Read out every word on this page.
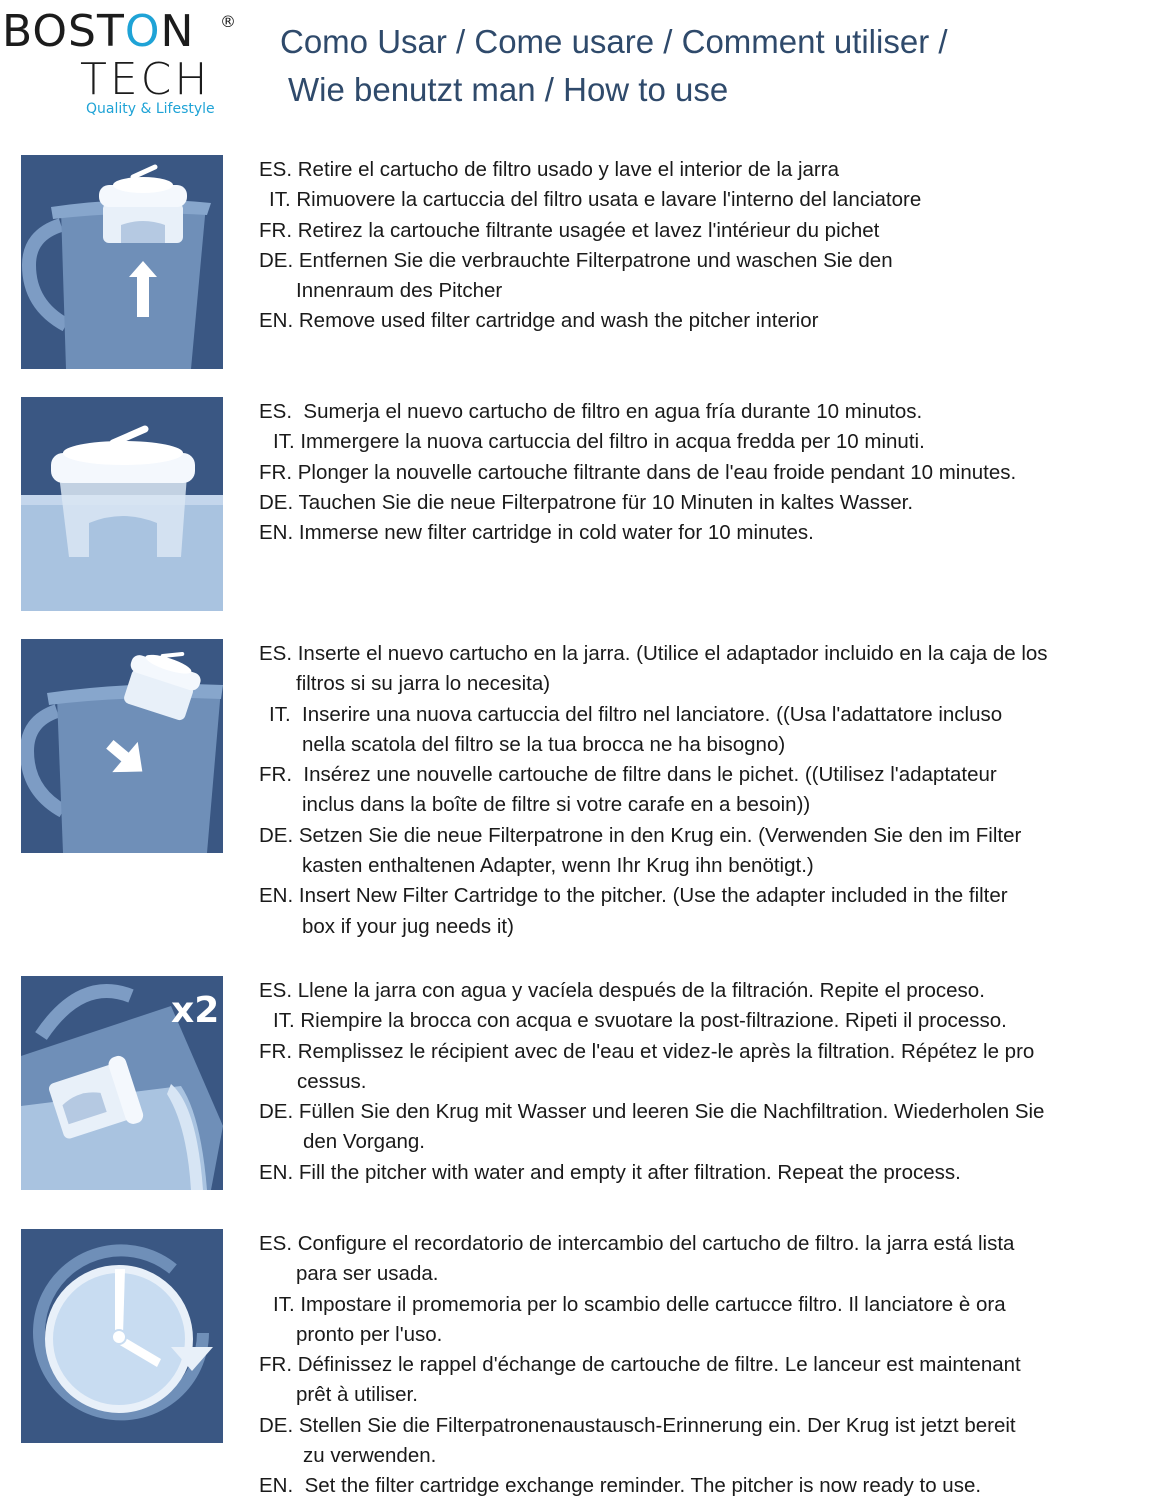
BOSTON ®
TECH
Quality & Lifestyle
Como Usar / Come usare / Comment utiliser /

Wie benutzt man / How to use
ES. Retire el cartucho de filtro usado y lave el interior de la jarra
IT. Rimuovere la cartuccia del filtro usata e lavare l'interno del lanciatore
FR. Retirez la cartouche filtrante usagée et lavez l'intérieur du pichet
DE. Entfernen Sie die verbrauchte Filterpatrone und waschen Sie den
Innenraum des Pitcher
EN. Remove used filter cartridge and wash the pitcher interior
ES.  Sumerja el nuevo cartucho de filtro en agua fría durante 10 minutos.
IT. Immergere la nuova cartuccia del filtro in acqua fredda per 10 minuti.
FR. Plonger la nouvelle cartouche filtrante dans de l'eau froide pendant 10 minutes.
DE. Tauchen Sie die neue Filterpatrone für 10 Minuten in kaltes Wasser.
EN. Immerse new filter cartridge in cold water for 10 minutes.
ES. Inserte el nuevo cartucho en la jarra. (Utilice el adaptador incluido en la caja de los
filtros si su jarra lo necesita)
IT.  Inserire una nuova cartuccia del filtro nel lanciatore. ((Usa l'adattatore incluso
nella scatola del filtro se la tua brocca ne ha bisogno)
FR.  Insérez une nouvelle cartouche de filtre dans le pichet. ((Utilisez l'adaptateur
inclus dans la boîte de filtre si votre carafe en a besoin))
DE. Setzen Sie die neue Filterpatrone in den Krug ein. (Verwenden Sie den im Filter
kasten enthaltenen Adapter, wenn Ihr Krug ihn benötigt.)
EN. Insert New Filter Cartridge to the pitcher. (Use the adapter included in the filter
box if your jug needs it)
x2 ES. Llene la jarra con agua y vacíela después de la filtración. Repite el proceso.
IT. Riempire la brocca con acqua e svuotare la post-filtrazione. Ripeti il processo.
FR. Remplissez le récipient avec de l'eau et videz-le après la filtration. Répétez le pro
cessus.
DE. Füllen Sie den Krug mit Wasser und leeren Sie die Nachfiltration. Wiederholen Sie
den Vorgang.
EN. Fill the pitcher with water and empty it after filtration. Repeat the process.
ES. Configure el recordatorio de intercambio del cartucho de filtro. la jarra está lista
para ser usada.
IT. Impostare il promemoria per lo scambio delle cartucce filtro. Il lanciatore è ora
pronto per l'uso.
FR. Définissez le rappel d'échange de cartouche de filtre. Le lanceur est maintenant
prêt à utiliser.
DE. Stellen Sie die Filterpatronenaustausch-Erinnerung ein. Der Krug ist jetzt bereit
zu verwenden.
EN.  Set the filter cartridge exchange reminder. The pitcher is now ready to use.
